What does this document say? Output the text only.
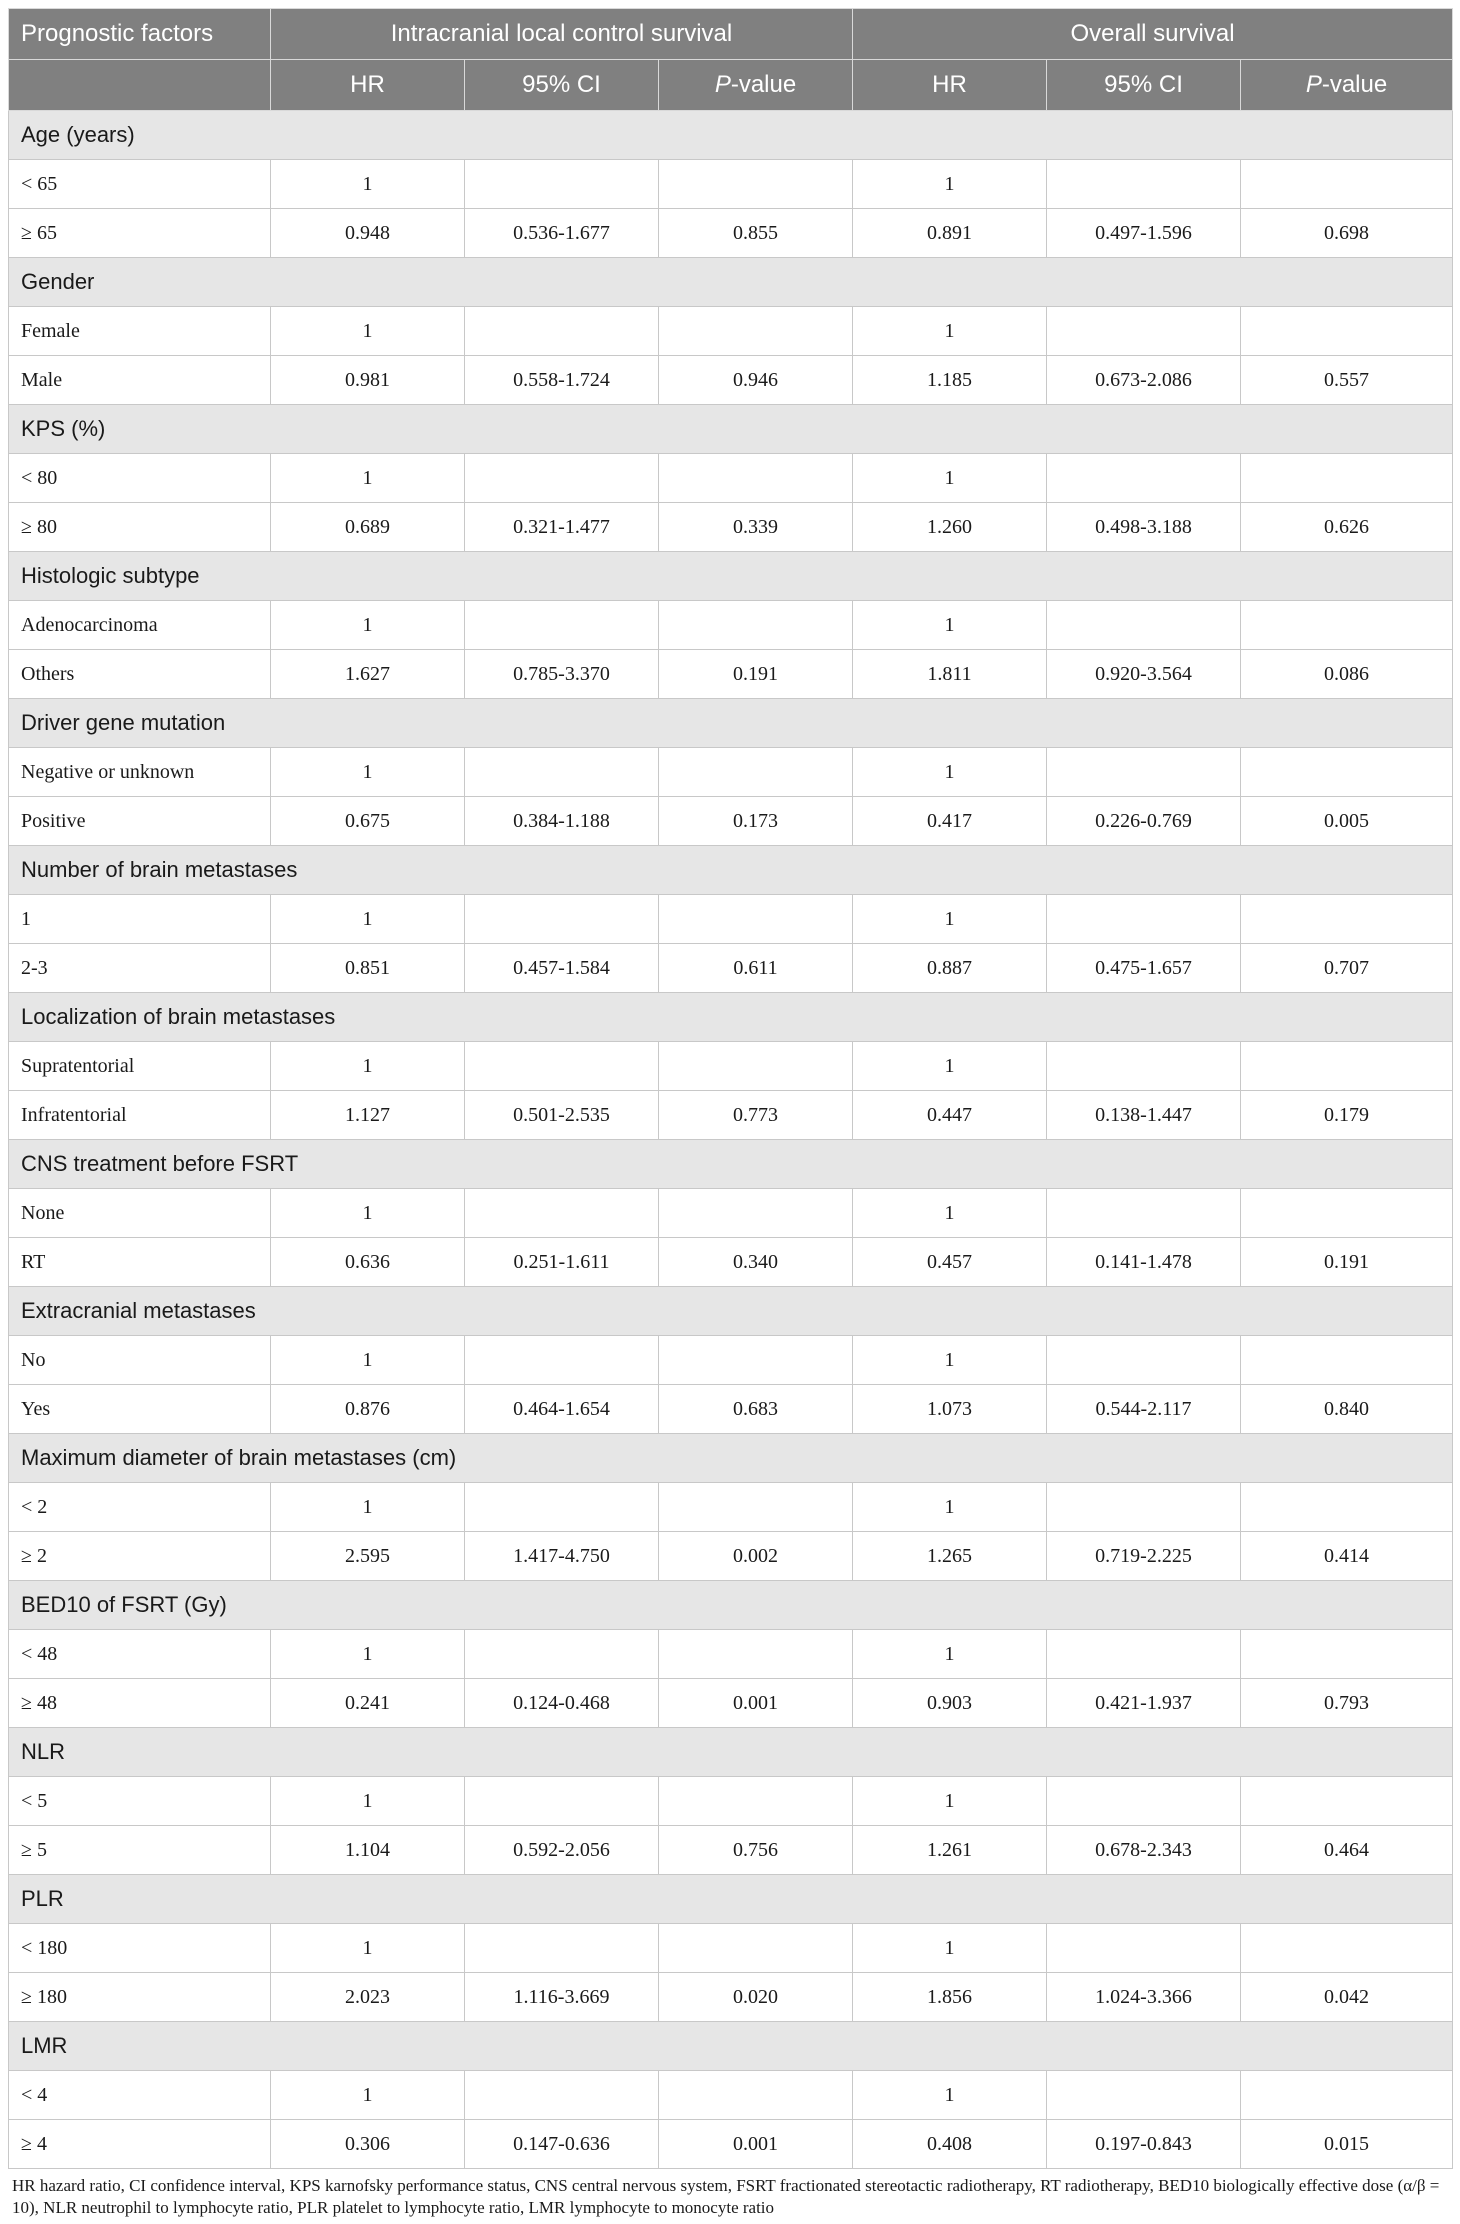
Prognostic factors	Intracranial local control survival			Overall survival		
	HR	95% CI	P-value	HR	95% CI	P-value
Age (years)						
< 65	1			1		
≥ 65	0.948	0.536-1.677	0.855	0.891	0.497-1.596	0.698
Gender						
Female	1			1		
Male	0.981	0.558-1.724	0.946	1.185	0.673-2.086	0.557
KPS (%)						
< 80	1			1		
≥ 80	0.689	0.321-1.477	0.339	1.260	0.498-3.188	0.626
Histologic subtype						
Adenocarcinoma	1			1		
Others	1.627	0.785-3.370	0.191	1.811	0.920-3.564	0.086
Driver gene mutation						
Negative or unknown	1			1		
Positive	0.675	0.384-1.188	0.173	0.417	0.226-0.769	0.005
Number of brain metastases						
1	1			1		
2-3	0.851	0.457-1.584	0.611	0.887	0.475-1.657	0.707
Localization of brain metastases						
Supratentorial	1			1		
Infratentorial	1.127	0.501-2.535	0.773	0.447	0.138-1.447	0.179
CNS treatment before FSRT						
None	1			1		
RT	0.636	0.251-1.611	0.340	0.457	0.141-1.478	0.191
Extracranial metastases						
No	1			1		
Yes	0.876	0.464-1.654	0.683	1.073	0.544-2.117	0.840
Maximum diameter of brain metastases (cm)						
< 2	1			1		
≥ 2	2.595	1.417-4.750	0.002	1.265	0.719-2.225	0.414
BED10 of FSRT (Gy)						
< 48	1			1		
≥ 48	0.241	0.124-0.468	0.001	0.903	0.421-1.937	0.793
NLR						
< 5	1			1		
≥ 5	1.104	0.592-2.056	0.756	1.261	0.678-2.343	0.464
PLR						
< 180	1			1		
≥ 180	2.023	1.116-3.669	0.020	1.856	1.024-3.366	0.042
LMR						
< 4	1			1		
≥ 4	0.306	0.147-0.636	0.001	0.408	0.197-0.843	0.015
HR hazard ratio, CI confidence interval, KPS karnofsky performance status, CNS central nervous system, FSRT fractionated stereotactic radiotherapy, RT radiotherapy, BED10 biologically effective dose (α/β = 10), NLR neutrophil to lymphocyte ratio, PLR platelet to lymphocyte ratio, LMR lymphocyte to monocyte ratio
